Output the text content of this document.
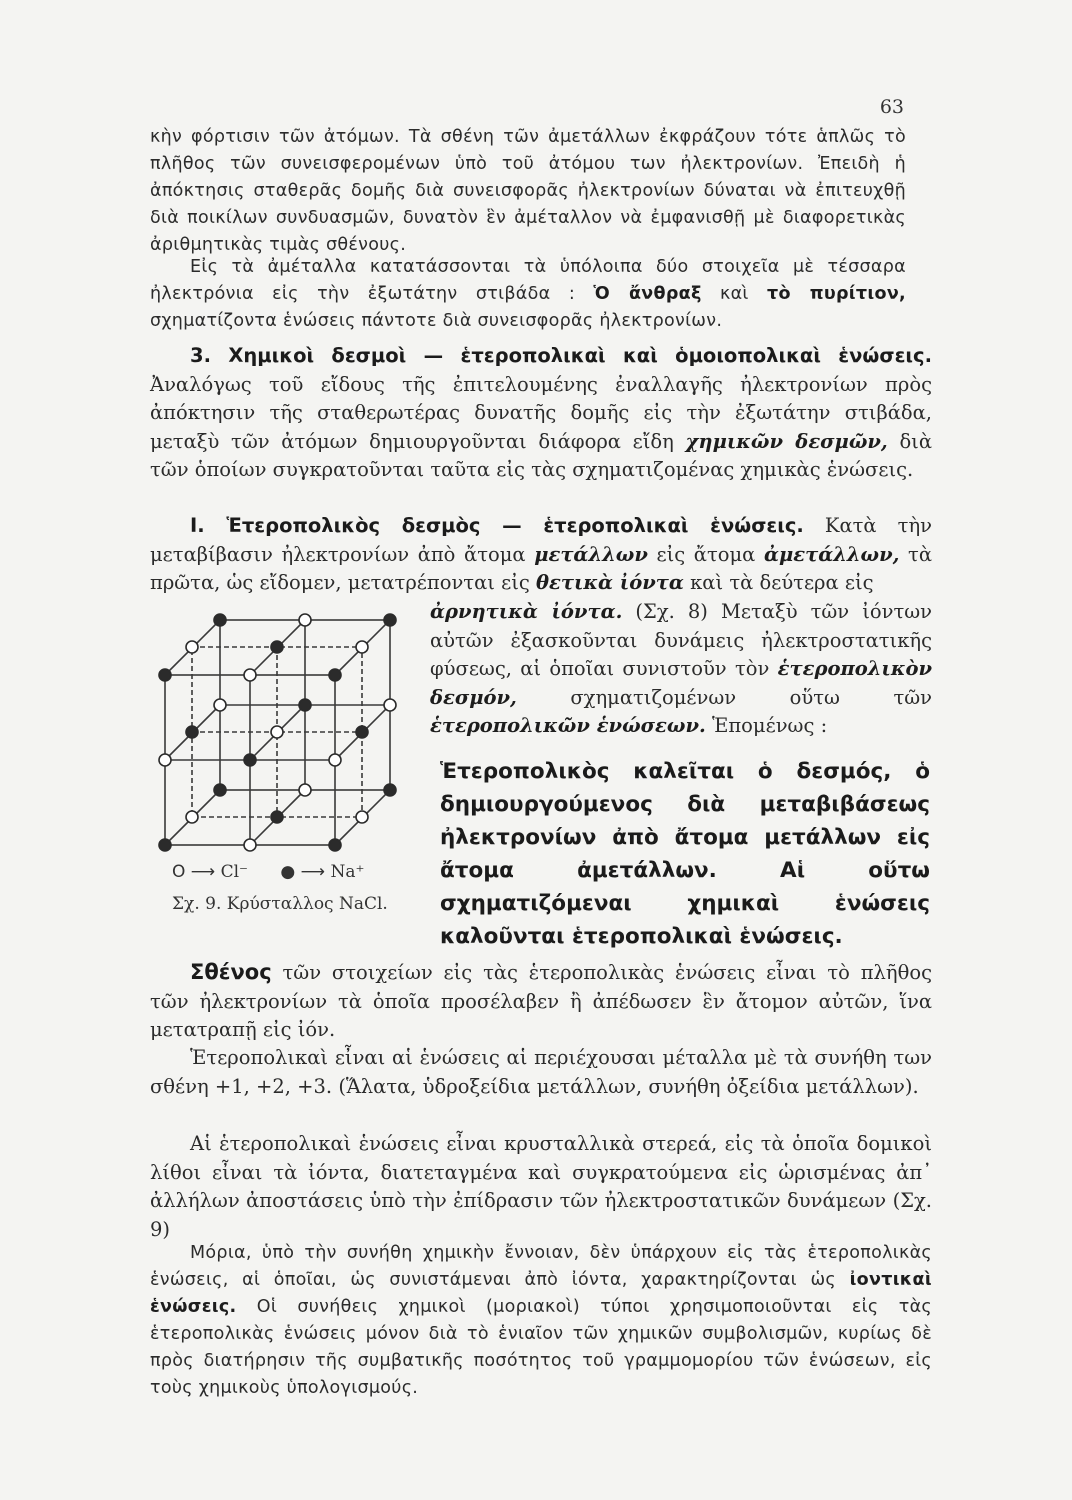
63

κὴν φόρτισιν τῶν ἀτόμων. Τὰ σθένη τῶν ἀμετάλλων ἐκφράζουν τότε ἁπλῶς τὸ πλῆθος τῶν συνεισφερομένων ὑπὸ τοῦ ἀτόμου των ἠλεκτρονίων. Ἐπειδὴ ἡ ἀπόκτησις σταθερᾶς δομῆς διὰ συνεισφορᾶς ἠλεκτρονίων δύναται νὰ ἐπιτευχθῇ διὰ ποικίλων συνδυασμῶν, δυνατὸν ἓν ἀμέταλλον νὰ ἐμφανισθῇ μὲ διαφορετικὰς ἀριθμητικὰς τιμὰς σθένους.

Εἰς τὰ ἀμέταλλα κατατάσσονται τὰ ὑπόλοιπα δύο στοιχεῖα μὲ τέσσαρα ἠλεκτρόνια εἰς τὴν ἐξωτάτην στιβάδα : Ὁ ἄνθραξ καὶ τὸ πυρίτιον, σχηματίζοντα ἑνώσεις πάντοτε διὰ συνεισφορᾶς ἠλεκτρονίων.

3. Χημικοὶ δεσμοὶ — ἑτεροπολικαὶ καὶ ὁμοιοπολικαὶ ἑνώσεις. Ἀναλόγως τοῦ εἴδους τῆς ἐπιτελουμένης ἐναλλαγῆς ἠλεκτρονίων πρὸς ἀπόκτησιν τῆς σταθερωτέρας δυνατῆς δομῆς εἰς τὴν ἐξωτάτην στιβάδα, μεταξὺ τῶν ἀτόμων δημιουργοῦνται διάφορα εἴδη χημικῶν δεσμῶν, διὰ τῶν ὁποίων συγκρατοῦνται ταῦτα εἰς τὰς σχηματιζομένας χημικὰς ἑνώσεις.

Ι. Ἑτεροπολικὸς δεσμὸς — ἑτεροπολικαὶ ἑνώσεις. Κατὰ τὴν μεταβίβασιν ἠλεκτρονίων ἀπὸ ἄτομα μετάλλων εἰς ἄτομα ἀμετάλλων, τὰ πρῶτα, ὡς εἴδομεν, μετατρέπονται εἰς θετικὰ ἰόντα καὶ τὰ δεύτερα εἰς

ἀρνητικὰ ἰόντα. (Σχ. 8) Μεταξὺ τῶν ἰόντων αὐτῶν ἐξασκοῦνται δυνάμεις ἠλεκτροστατικῆς φύσεως, αἱ ὁποῖαι συνιστοῦν τὸν ἑτεροπολικὸν δεσμόν, σχηματιζομένων οὕτω τῶν ἑτεροπολικῶν ἑνώσεων. Ἑπομένως :

Ἑτεροπολικὸς καλεῖται ὁ δεσμός, ὁ δημιουργούμενος διὰ μεταβιβάσεως ἠλεκτρονίων ἀπὸ ἄτομα μετάλλων εἰς ἄτομα ἀμετάλλων. Αἱ οὕτω σχηματιζόμεναι χημικαὶ ἑνώσεις καλοῦνται ἑτεροπολικαὶ ἑνώσεις.

O ⟶ Cl⁻ ● ⟶ Na⁺
Σχ. 9. Κρύσταλλος NaCl.

Σθένος τῶν στοιχείων εἰς τὰς ἑτεροπολικὰς ἑνώσεις εἶναι τὸ πλῆθος τῶν ἠλεκτρονίων τὰ ὁποῖα προσέλαβεν ἢ ἀπέδωσεν ἓν ἄτομον αὐτῶν, ἵνα μετατραπῇ εἰς ἰόν.

Ἑτεροπολικαὶ εἶναι αἱ ἑνώσεις αἱ περιέχουσαι μέταλλα μὲ τὰ συνήθη των σθένη +1, +2, +3. (Ἅλατα, ὑδροξείδια μετάλλων, συνήθη ὀξείδια μετάλλων).

Αἱ ἑτεροπολικαὶ ἑνώσεις εἶναι κρυσταλλικὰ στερεά, εἰς τὰ ὁποῖα δομικοὶ λίθοι εἶναι τὰ ἰόντα, διατεταγμένα καὶ συγκρατούμενα εἰς ὡρισμένας ἀπ᾽ ἀλλήλων ἀποστάσεις ὑπὸ τὴν ἐπίδρασιν τῶν ἠλεκτροστατικῶν δυνάμεων (Σχ. 9)

Μόρια, ὑπὸ τὴν συνήθη χημικὴν ἔννοιαν, δὲν ὑπάρχουν εἰς τὰς ἑτεροπολικὰς ἑνώσεις, αἱ ὁποῖαι, ὡς συνιστάμεναι ἀπὸ ἰόντα, χαρακτηρίζονται ὡς ἰοντικαὶ ἑνώσεις. Οἱ συνήθεις χημικοὶ (μοριακοὶ) τύποι χρησιμοποιοῦνται εἰς τὰς ἑτεροπολικὰς ἑνώσεις μόνον διὰ τὸ ἑνιαῖον τῶν χημικῶν συμβολισμῶν, κυρίως δὲ πρὸς διατήρησιν τῆς συμβατικῆς ποσότητος τοῦ γραμμομορίου τῶν ἑνώσεων, εἰς τοὺς χημικοὺς ὑπολογισμούς.
